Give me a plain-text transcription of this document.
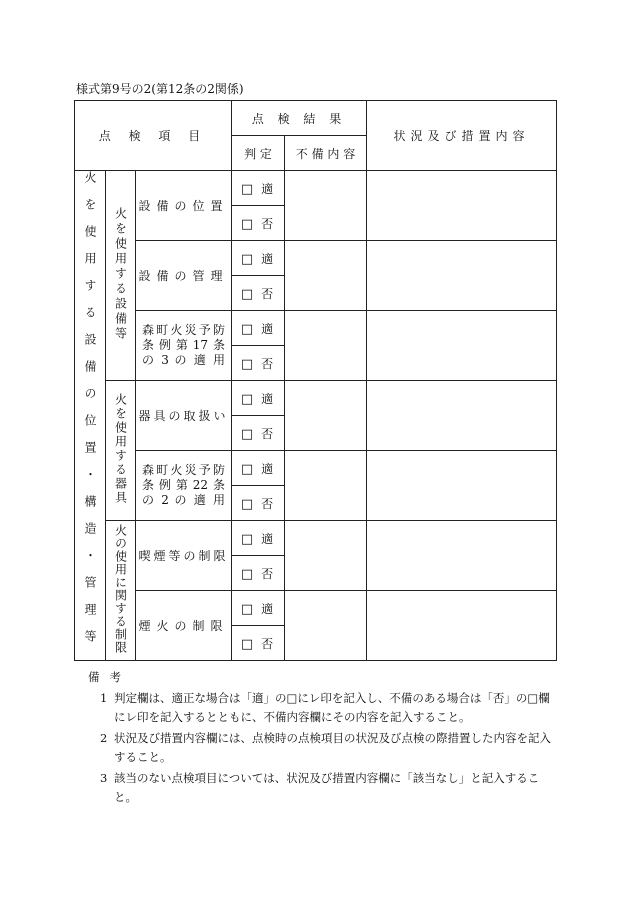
様式第9号の2(第12条の2関係)
点 検 項 目			点 検 結 果		状況及び措置内容
			判 定	不 備 内 容	
火を使用する設備の位置・構造・管理等	火を使用する設備等	設備の位置	□ 適		
			□ 否		
		設備の管理	□ 適		
			□ 否		

		森町火災予防
条例第17条
の 3 の 適 用	□ 適		
			□ 否		
	火を使用する器具	器具の取扱い	□ 適		
			□ 否		

		森町火災予防
条例第22条
の 2 の 適 用	□ 適		
			□ 否		
	火の使用に関する制限	喫煙等の制限	□ 適		
			□ 否		
		煙火の制限	□ 適		
			□ 否		
備考
1 判定欄は、適正な場合は「適」の□にレ印を記入し、不備のある場合は「否」の□欄にレ印を記入するとともに、不備内容欄にその内容を記入すること。
2 状況及び措置内容欄には、点検時の点検項目の状況及び点検の際措置した内容を記入すること。
3 該当のない点検項目については、状況及び措置内容欄に「該当なし」と記入すること。
